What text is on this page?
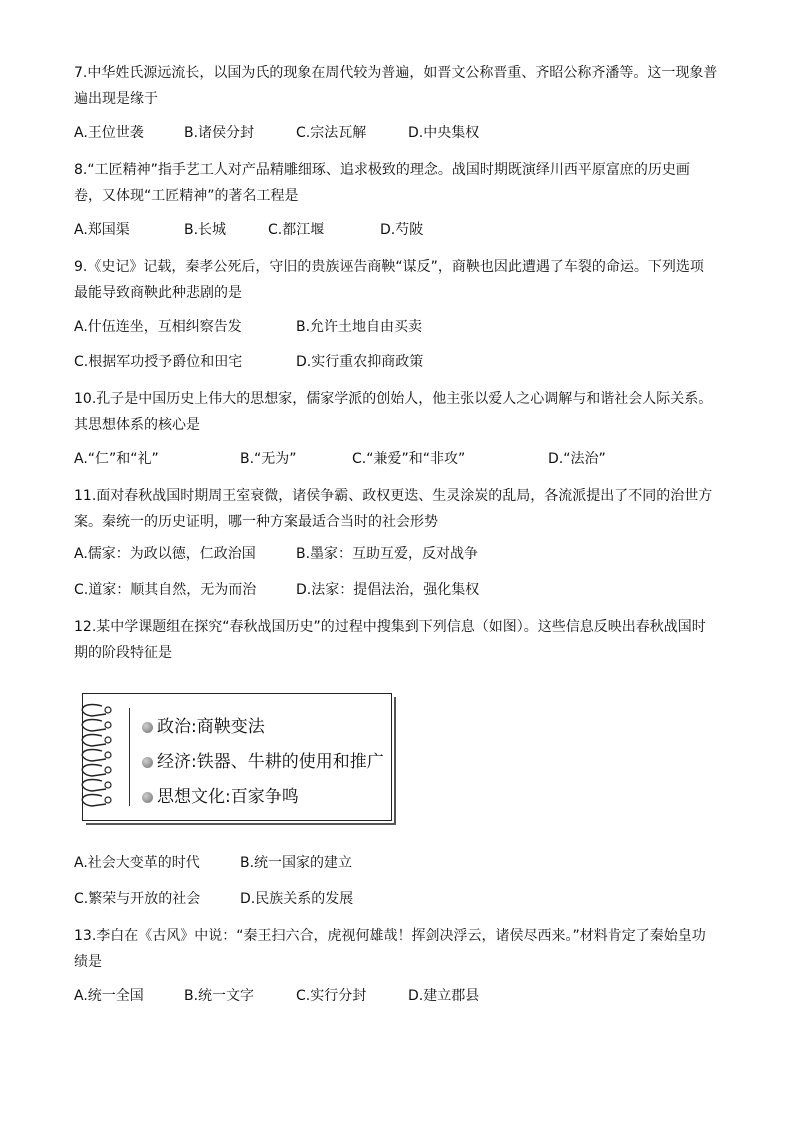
7.中华姓氏源远流长，以国为氏的现象在周代较为普遍，如晋文公称晋重、齐昭公称齐潘等。这一现象普
遍出现是缘于
A.王位世袭	B.诸侯分封	C.宗法瓦解	D.中央集权
8.“工匠精神”指手艺工人对产品精雕细琢、追求极致的理念。战国时期既演绎川西平原富庶的历史画
卷，又体现“工匠精神”的著名工程是
A.郑国渠	B.长城	C.都江堰	D.芍陂
9.《史记》记载，秦孝公死后，守旧的贵族诬告商鞅“谋反”，商鞅也因此遭遇了车裂的命运。下列选项
最能导致商鞅此种悲剧的是
A.什伍连坐，互相纠察告发	B.允许土地自由买卖
C.根据军功授予爵位和田宅	D.实行重农抑商政策
10.孔子是中国历史上伟大的思想家，儒家学派的创始人，他主张以爱人之心调解与和谐社会人际关系。
其思想体系的核心是
A.“仁”和“礼”	B.“无为”	C.“兼爱”和“非攻”	D.“法治”
11.面对春秋战国时期周王室衰微，诸侯争霸、政权更迭、生灵涂炭的乱局，各流派提出了不同的治世方
案。秦统一的历史证明，哪一种方案最适合当时的社会形势
A.儒家：为政以德，仁政治国	B.墨家：互助互爱，反对战争
C.道家：顺其自然，无为而治	D.法家：提倡法治，强化集权
12.某中学课题组在探究“春秋战国历史”的过程中搜集到下列信息（如图）。这些信息反映出春秋战国时
期的阶段特征是
政治:商鞅变法
经济:铁器、牛耕的使用和推广
思想文化:百家争鸣
A.社会大变革的时代	B.统一国家的建立
C.繁荣与开放的社会	D.民族关系的发展
13.李白在《古风》中说：“秦王扫六合，虎视何雄哉！挥剑决浮云，诸侯尽西来。”材料肯定了秦始皇功
绩是
A.统一全国	B.统一文字	C.实行分封	D.建立郡县
